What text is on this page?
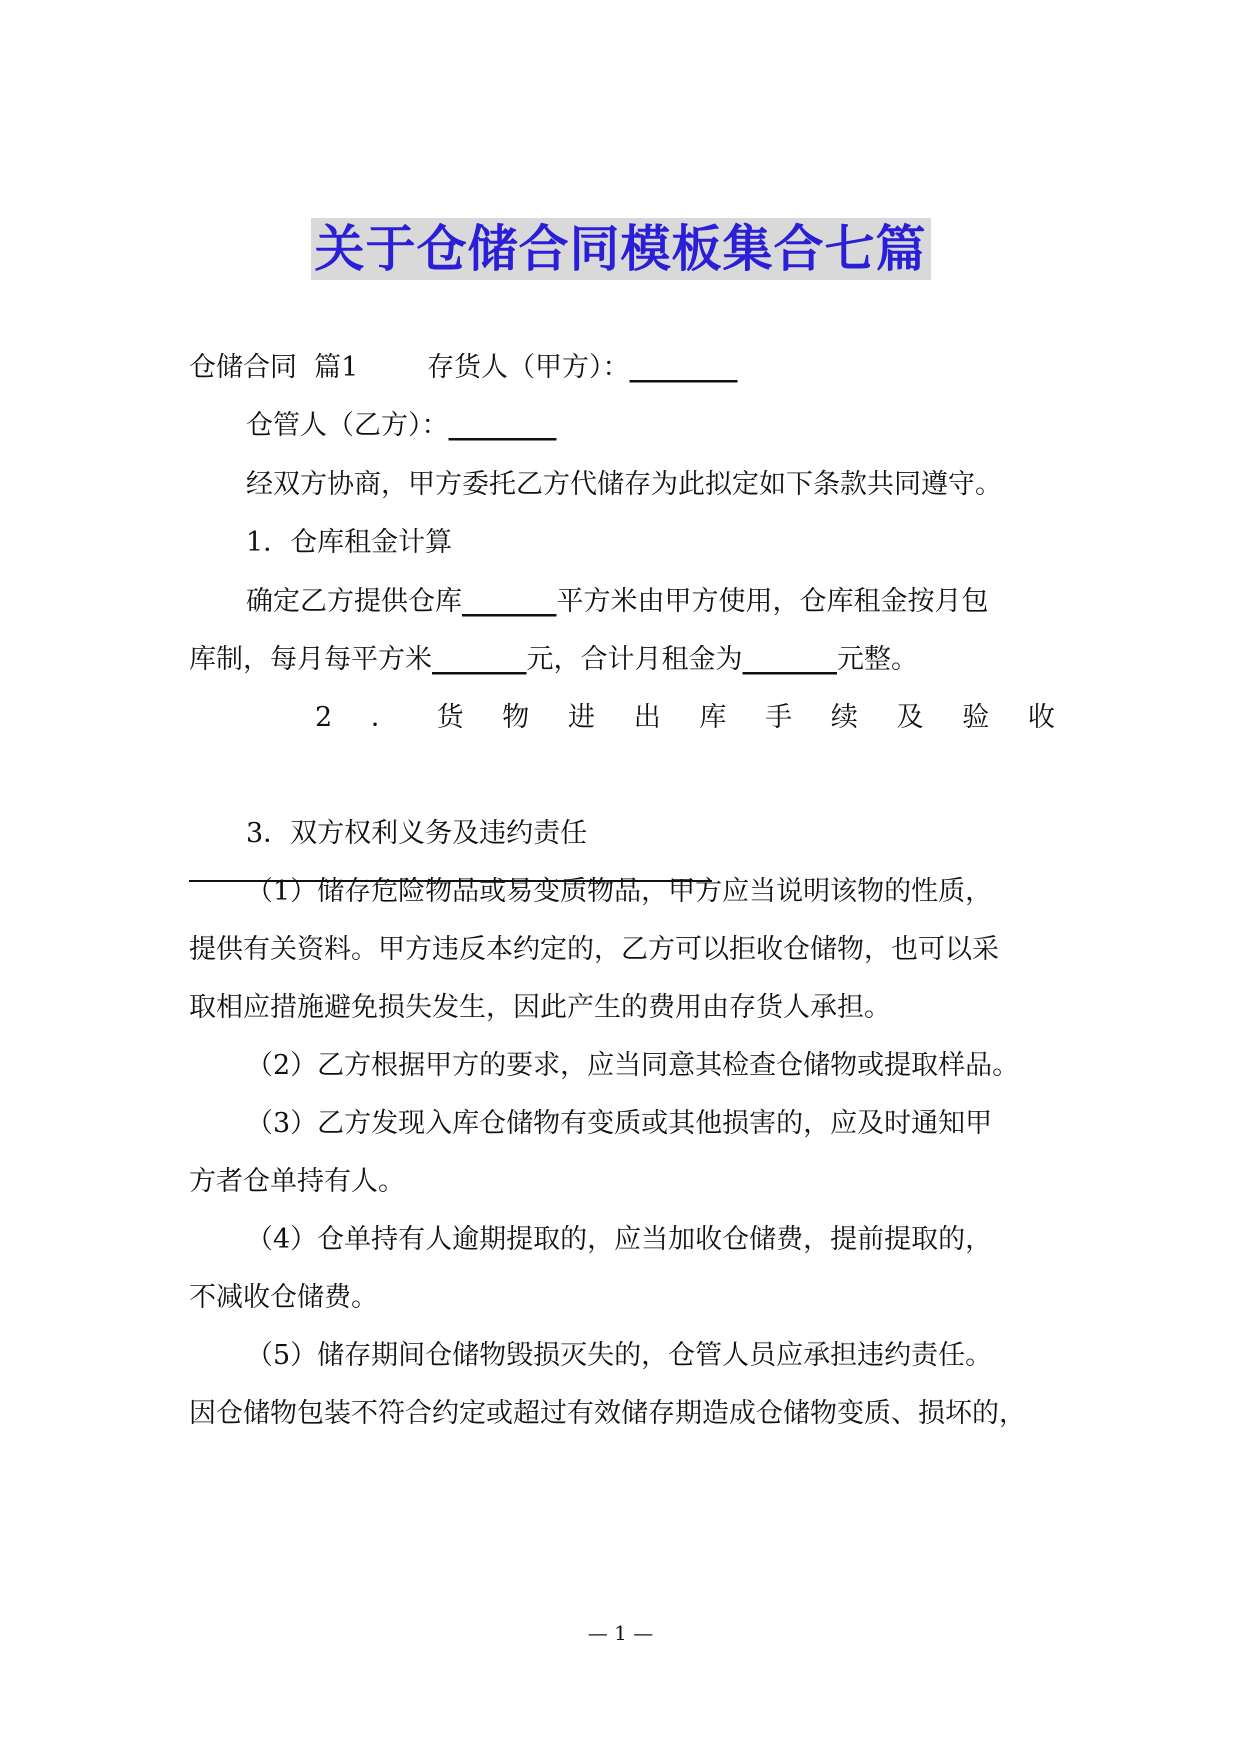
关于仓储合同模板集合七篇
仓储合同  篇1        存货人（甲方）：________
仓管人（乙方）：________
经双方协商，甲方委托乙方代储存为此拟定如下条款共同遵守。
1．仓库租金计算
确定乙方提供仓库_______平方米由甲方使用，仓库租金按月包
库制，每月每平方米_______元，合计月租金为_______元整。
2 ． 货 物 进 出 库 手 续 及 验 收
3．双方权利义务及违约责任
（1）储存危险物品或易变质物品，甲方应当说明该物的性质，
提供有关资料。甲方违反本约定的，乙方可以拒收仓储物，也可以采
取相应措施避免损失发生，因此产生的费用由存货人承担。
（2）乙方根据甲方的要求，应当同意其检查仓储物或提取样品。
（3）乙方发现入库仓储物有变质或其他损害的，应及时通知甲
方者仓单持有人。
（4）仓单持有人逾期提取的，应当加收仓储费，提前提取的，
不减收仓储费。
（5）储存期间仓储物毁损灭失的，仓管人员应承担违约责任。
因仓储物包装不符合约定或超过有效储存期造成仓储物变质、损坏的，
— 1 —
